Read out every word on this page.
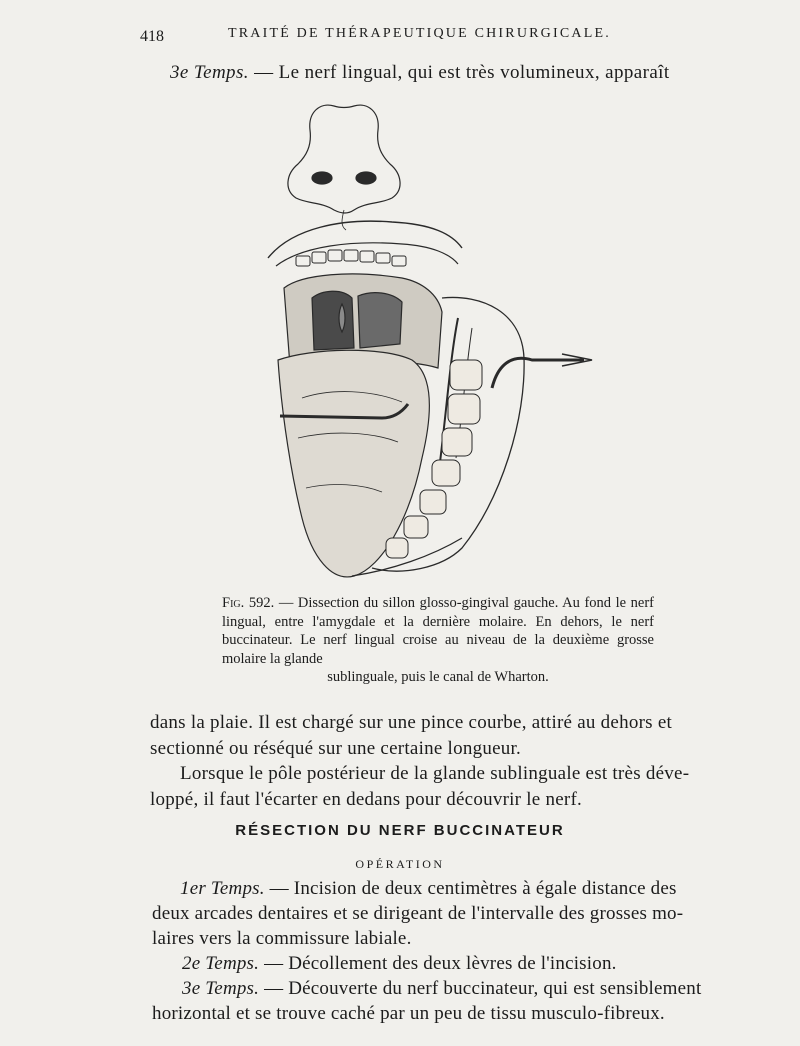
418	TRAITÉ DE THÉRAPEUTIQUE CHIRURGICALE.
3e Temps. — Le nerf lingual, qui est très volumineux, apparaît
Fig. 592. — Dissection du sillon glosso-gingival gauche. Au fond le nerf lingual, entre l'amygdale et la dernière molaire. En dehors, le nerf buccinateur. Le nerf lingual croise au niveau de la deuxième grosse molaire la glande
sublinguale, puis le canal de Wharton.
dans la plaie. Il est chargé sur une pince courbe, attiré au dehors et
sectionné ou réséqué sur une certaine longueur.
Lorsque le pôle postérieur de la glande sublinguale est très déve-
loppé, il faut l'écarter en dedans pour découvrir le nerf.
RÉSECTION DU NERF BUCCINATEUR
OPÉRATION
1er Temps. — Incision de deux centimètres à égale distance des
deux arcades dentaires et se dirigeant de l'intervalle des grosses mo-
laires vers la commissure labiale.
2e Temps. — Décollement des deux lèvres de l'incision.
3e Temps. — Découverte du nerf buccinateur, qui est sensiblement
horizontal et se trouve caché par un peu de tissu musculo-fibreux.
